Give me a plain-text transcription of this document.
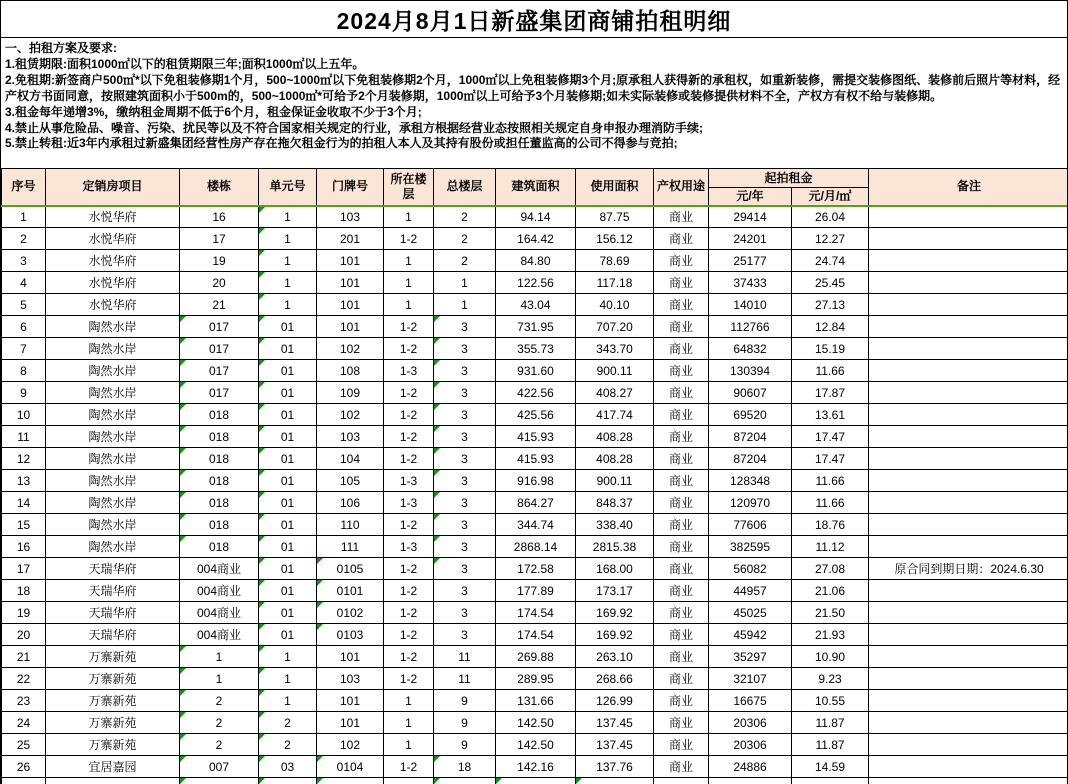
2024月8月1日新盛集团商铺拍租明细
一、拍租方案及要求:
1.租赁期限:面积1000㎡以下的租赁期限三年;面积1000㎡以上五年。
2.免租期:新签商户500㎡*以下免租装修期1个月，500~1000㎡以下免租装修期2个月，1000㎡以上免租装修期3个月;原承租人获得新的承租权，如重新装修，需提交装修图纸、装修前后照片等材料，经产权方书面同意，按照建筑面积小于500m的，500~1000㎡*可给予2个月装修期，1000㎡以上可给予3个月装修期;如未实际装修或装修提供材料不全，产权方有权不给与装修期。
3.租金每年递增3%，缴纳租金周期不低于6个月，租金保证金收取不少于3个月;
4.禁止从事危险品、噪音、污染、扰民等以及不符合国家相关规定的行业，承租方根据经营业态按照相关规定自身申报办理消防手续;
5.禁止转租:近3年内承租过新盛集团经营性房产存在拖欠租金行为的拍租人本人及其持有股份或担任董监高的公司不得参与竞拍;
序号	定销房项目	楼栋	单元号	门牌号	所在楼层	总楼层	建筑面积	使用面积	产权用途	起拍租金		备注
										元/年	元/月/㎡	
1	水悦华府	16	1	103	1	2	94.14	87.75	商业	29414	26.04	
2	水悦华府	17	1	201	1-2	2	164.42	156.12	商业	24201	12.27	
3	水悦华府	19	1	101	1	2	84.80	78.69	商业	25177	24.74	
4	水悦华府	20	1	101	1	1	122.56	117.18	商业	37433	25.45	
5	水悦华府	21	1	101	1	1	43.04	40.10	商业	14010	27.13	
6	陶然水岸	017	01	101	1-2	3	731.95	707.20	商业	112766	12.84	
7	陶然水岸	017	01	102	1-2	3	355.73	343.70	商业	64832	15.19	
8	陶然水岸	017	01	108	1-3	3	931.60	900.11	商业	130394	11.66	
9	陶然水岸	017	01	109	1-2	3	422.56	408.27	商业	90607	17.87	
10	陶然水岸	018	01	102	1-2	3	425.56	417.74	商业	69520	13.61	
11	陶然水岸	018	01	103	1-2	3	415.93	408.28	商业	87204	17.47	
12	陶然水岸	018	01	104	1-2	3	415.93	408.28	商业	87204	17.47	
13	陶然水岸	018	01	105	1-3	3	916.98	900.11	商业	128348	11.66	
14	陶然水岸	018	01	106	1-3	3	864.27	848.37	商业	120970	11.66	
15	陶然水岸	018	01	110	1-2	3	344.74	338.40	商业	77606	18.76	
16	陶然水岸	018	01	111	1-3	3	2868.14	2815.38	商业	382595	11.12	
17	天瑞华府	004商业	01	0105	1-2	3	172.58	168.00	商业	56082	27.08	原合同到期日期：2024.6.30
18	天瑞华府	004商业	01	0101	1-2	3	177.89	173.17	商业	44957	21.06	
19	天瑞华府	004商业	01	0102	1-2	3	174.54	169.92	商业	45025	21.50	
20	天瑞华府	004商业	01	0103	1-2	3	174.54	169.92	商业	45942	21.93	
21	万寨新苑	1	1	101	1-2	11	269.88	263.10	商业	35297	10.90	
22	万寨新苑	1	1	103	1-2	11	289.95	268.66	商业	32107	9.23	
23	万寨新苑	2	1	101	1	9	131.66	126.99	商业	16675	10.55	
24	万寨新苑	2	2	101	1	9	142.50	137.45	商业	20306	11.87	
25	万寨新苑	2	2	102	1	9	142.50	137.45	商业	20306	11.87	
26	宜居嘉园	007	03	0104	1-2	18	142.16	137.76	商业	24886	14.59	
